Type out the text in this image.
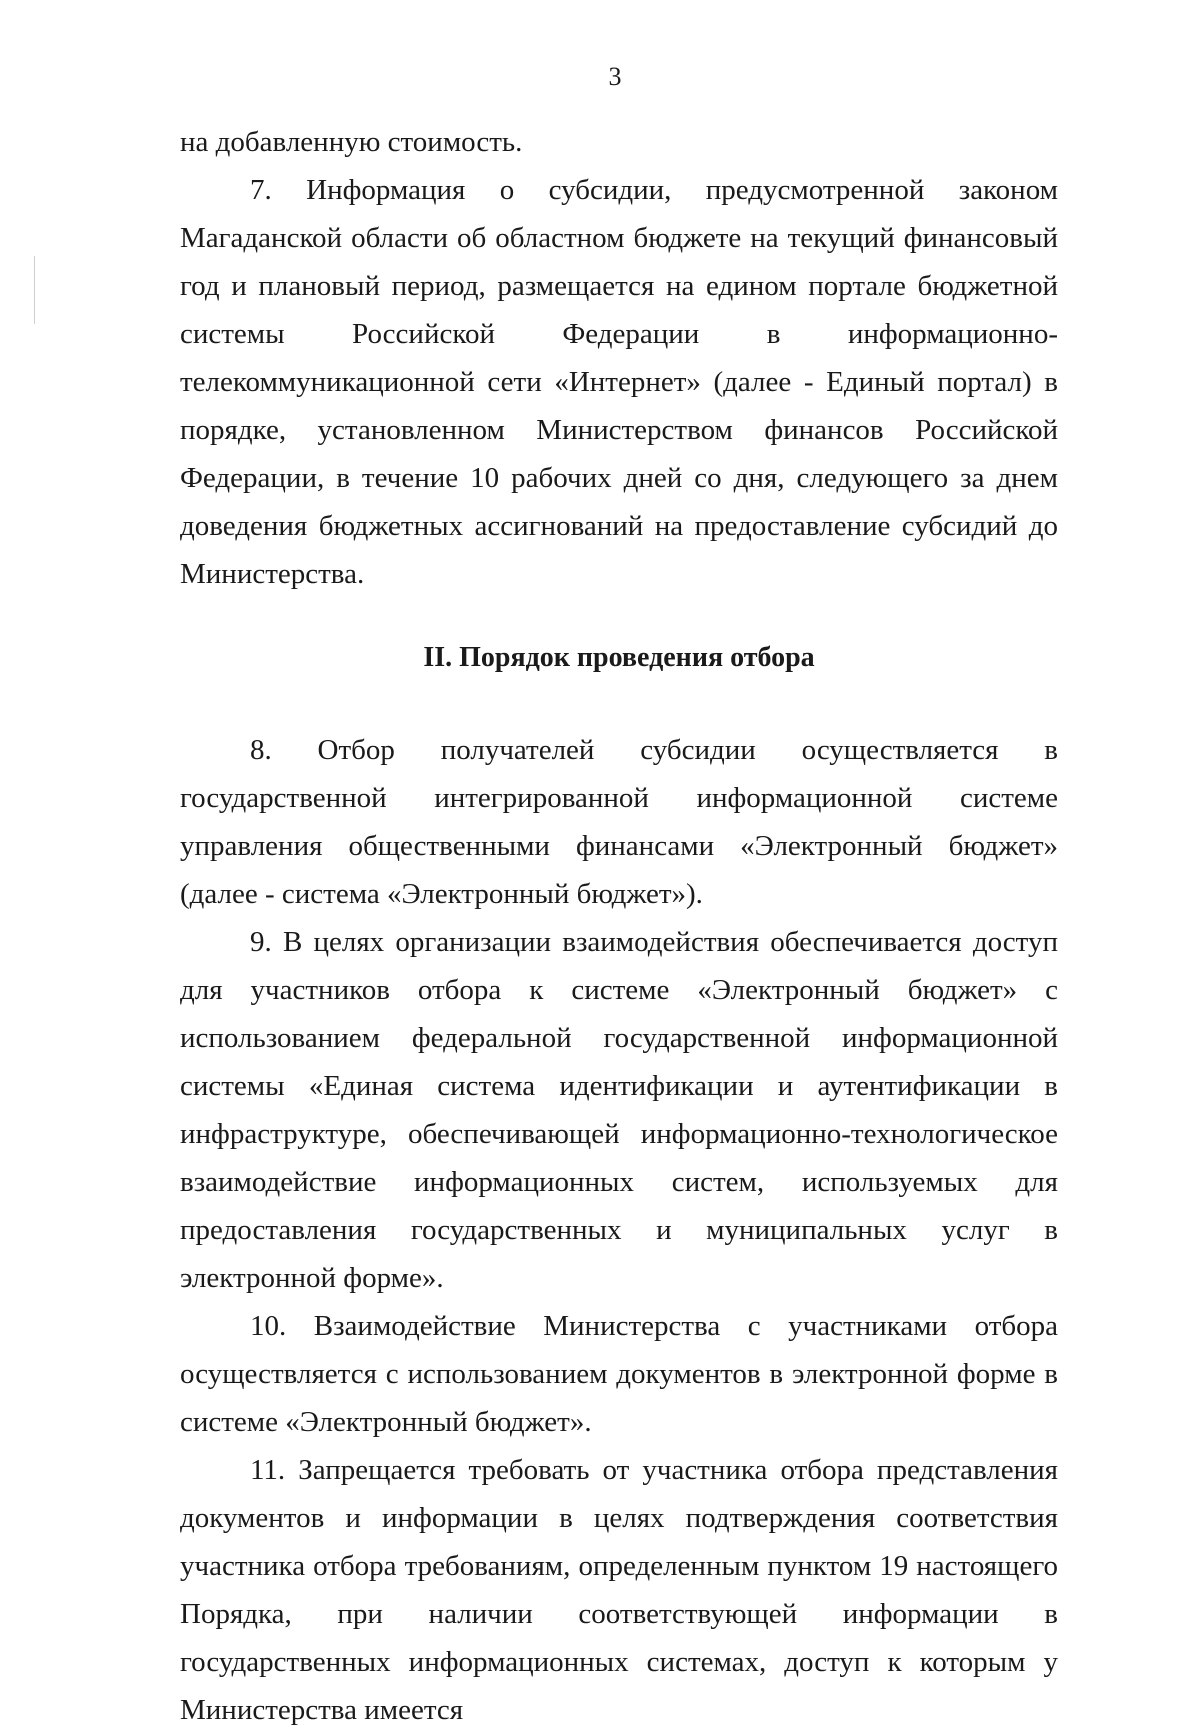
3

на добавленную стоимость.

7. Информация о субсидии, предусмотренной законом Магаданской области об областном бюджете на текущий финансовый год и плановый период, размещается на едином портале бюджетной системы Российской Федерации в информационно-телекоммуникационной сети «Интернет» (далее - Единый портал) в порядке, установленном Министерством финансов Российской Федерации, в течение 10 рабочих дней со дня, следующего за днем доведения бюджетных ассигнований на предоставление субсидий до Министерства.

II. Порядок проведения отбора

8. Отбор получателей субсидии осуществляется в государственной интегрированной информационной системе управления общественными финансами «Электронный бюджет» (далее - система «Электронный бюджет»).

9. В целях организации взаимодействия обеспечивается доступ для участников отбора к системе «Электронный бюджет» с использованием федеральной государственной информационной системы «Единая система идентификации и аутентификации в инфраструктуре, обеспечивающей информационно-технологическое взаимодействие информационных систем, используемых для предоставления государственных и муниципальных услуг в электронной форме».

10. Взаимодействие Министерства с участниками отбора осуществляется с использованием документов в электронной форме в системе «Электронный бюджет».

11. Запрещается требовать от участника отбора представления документов и информации в целях подтверждения соответствия участника отбора требованиям, определенным пунктом 19 настоящего Порядка, при наличии соответствующей информации в государственных информационных системах, доступ к которым у Министерства имеется
